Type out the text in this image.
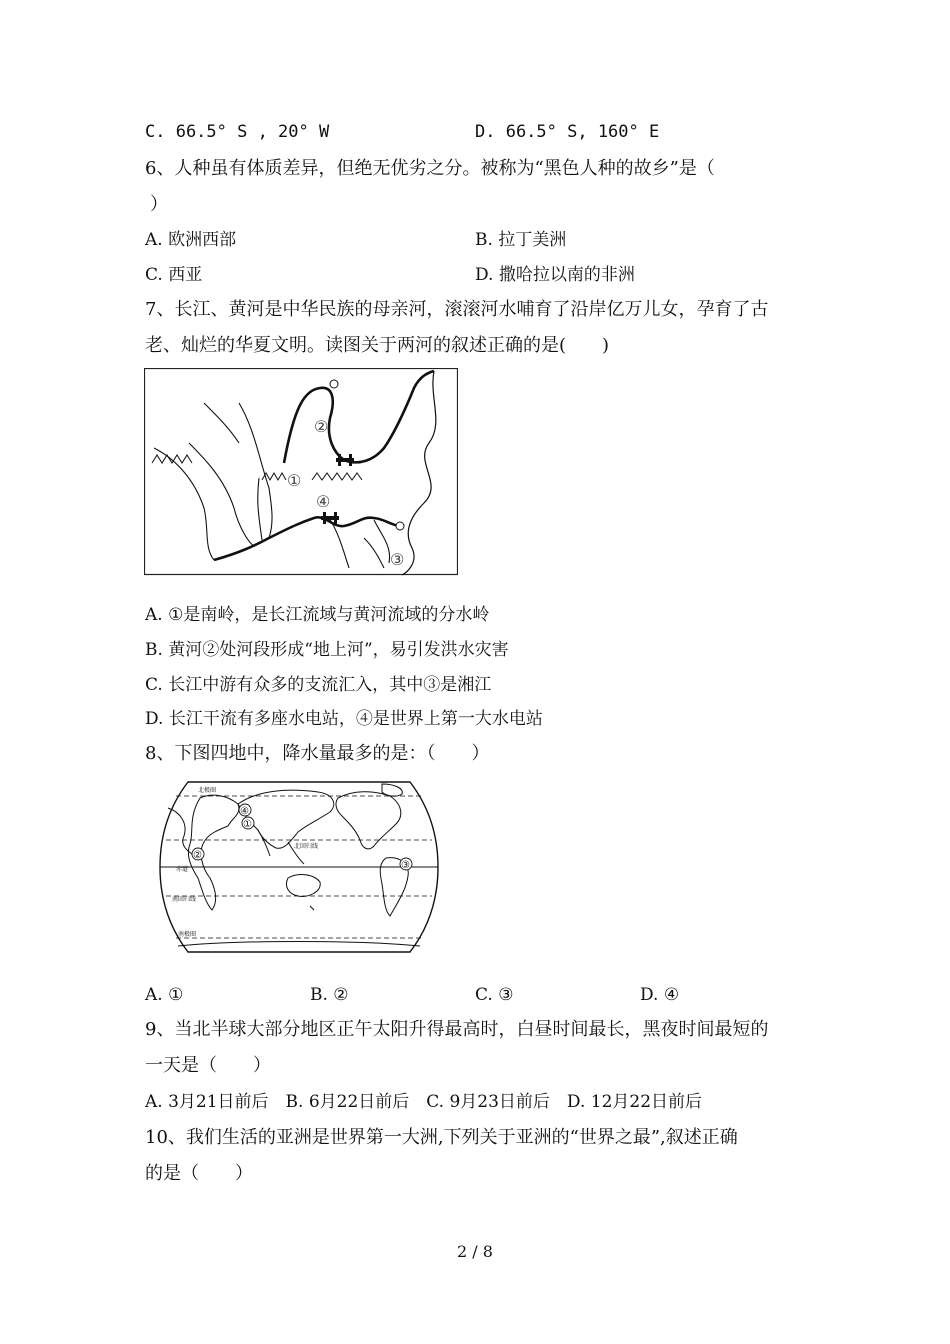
C. 66.5° S , 20° W	D. 66.5° S, 160° E
6、人种虽有体质差异，但绝无优劣之分。被称为“黑色人种的故乡”是（
）
A. 欧洲西部	B. 拉丁美洲
C. 西亚	D. 撒哈拉以南的非洲
7、长江、黄河是中华民族的母亲河，滚滚河水哺育了沿岸亿万儿女，孕育了古
老、灿烂的华夏文明。读图关于两河的叙述正确的是(　　)
②
①
④
③
A. ①是南岭，是长江流域与黄河流域的分水岭
B. 黄河②处河段形成“地上河”，易引发洪水灾害
C. 长江中游有众多的支流汇入，其中③是湘江
D. 长江干流有多座水电站，④是世界上第一大水电站
8、下图四地中，降水量最多的是：（　　）
①
②
③
④
北回归线
赤道
南回归线
南极圈
北极圈
A. ①	B. ②	C. ③	D. ④
9、当北半球大部分地区正午太阳升得最高时，白昼时间最长，黑夜时间最短的
一天是（　　）
A. 3月21日前后　B. 6月22日前后　C. 9月23日前后　D. 12月22日前后
10、我们生活的亚洲是世界第一大洲,下列关于亚洲的“世界之最”,叙述正确
的是（　　）
2 / 8
